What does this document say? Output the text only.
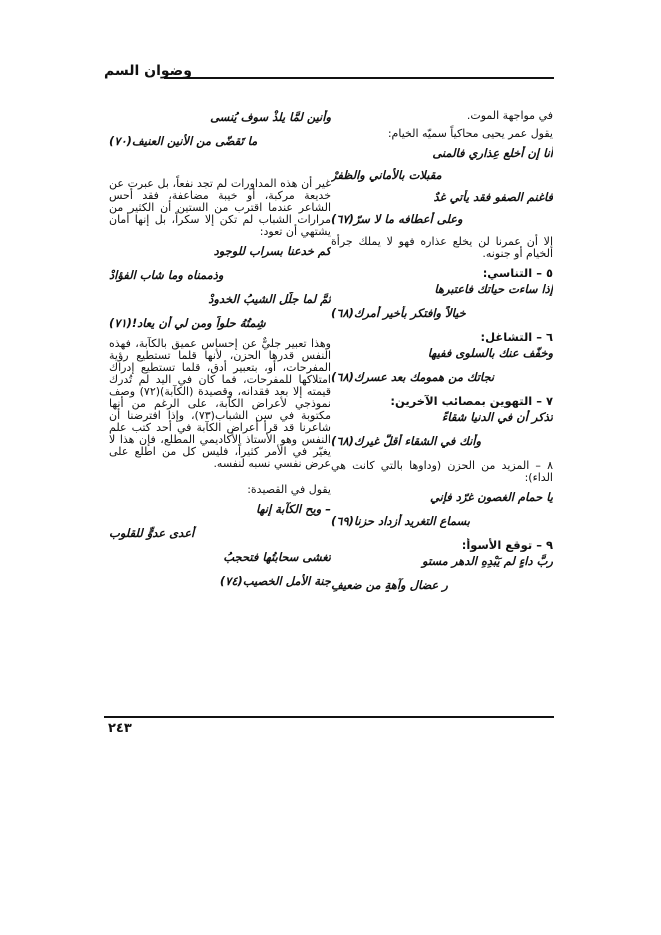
وضوان السم
في مواجهة الموت.
يقول عمر يحيى محاكياً سميّه الخيام:
أنا إن أخلع عِذاري فالمنى
مقبلات بالأماني والظفرْ
فاغنم الصفو فقد يأتي غدٌ
وعلى أعطافه ما لا سرّ(٦٧)
إلا أن عمرنا لن يخلع عذاره فهو لا يملك جرأة الخيام أو جنونه.
٥ – التناسي:
إذا ساءت حياتك فاعتبرها
خيالاً وافتكر بأخير أمرك(٦٨)
٦ – التشاغل:
وخفّف عنك بالسلوى ففيها
نجاتك من همومك بعد عسرك(٦٨)
٧ – التهوين بمصائب الآخرين:
تذكر أن في الدنيا شقاءً
وأنك في الشقاء أقلُّ غيرك(٦٨)
٨ – المزيد من الحزن (وداوها بالتي كانت هي الداء):
يا حمام الغصون غرّد فإني
بسماع التغريد أزداد حزنا(٦٩)
٩ – توقع الأسوأ:
ربَّ داءٍ لم يَبْدِهِ الدهر مستو
رِ عضال وآهةٍ من ضعيفِ
وأنين لمَّا يلذْ سوف يُنسى
ما تَقضّى من الأنين العنيف(٧٠)
غير أن هذه المداورات لم تجد نفعاً، بل عبرت عن خديعة مركبة، أو خيبة مضاعفة، فقد أحس الشاعر عندما اقترب من الستين أن الكثير من مرارات الشباب لم تكن إلا سكراً، بل إنها أمان يشتهي أن تعود:
كم خدعنا بسراب للوجود
وذممناه وما شاب الفؤادْ
ثمَّ لما جلّل الشيبُ الخدودْ
شِمتُهُ حلواً ومن لي أن يعاد!(٧١)
وهذا تعبير جليٌّ عن إحساس عميق بالكآبة، فهذه النفس قدرها الحزن، لأنها قلما تستطيع رؤية المفرحات، أو، بتعبير أدق، قلما تستطيع إدراك امتلاكها للمفرحات، فما كان في اليد لم تُدرك قيمته إلا بعد فقدانه، وقصيدة (الكآبة)(٧٢) وصف نموذجي لأعراض الكآبة، على الرغم من أنها مكتوبة في سن الشباب(٧٣)، وإذا افترضنا أن شاعرنا قد قرأ أعراض الكآبة في أحد كتب علم النفس وهو الأستاذ الأكاديمي المطلع، فإن هذا لا يغيّر في الأمر كثيراً، فليس كل من اطلع على عرض نفسي نسبه لنفسه.
يقول في القصيدة:
– ويح الكآبة إنها
أعدى عدوٍّ للقلوب
تغشى سحابتُها فتحجبُ
جنة الأمل الخصيب(٧٤)
٢٤٣
